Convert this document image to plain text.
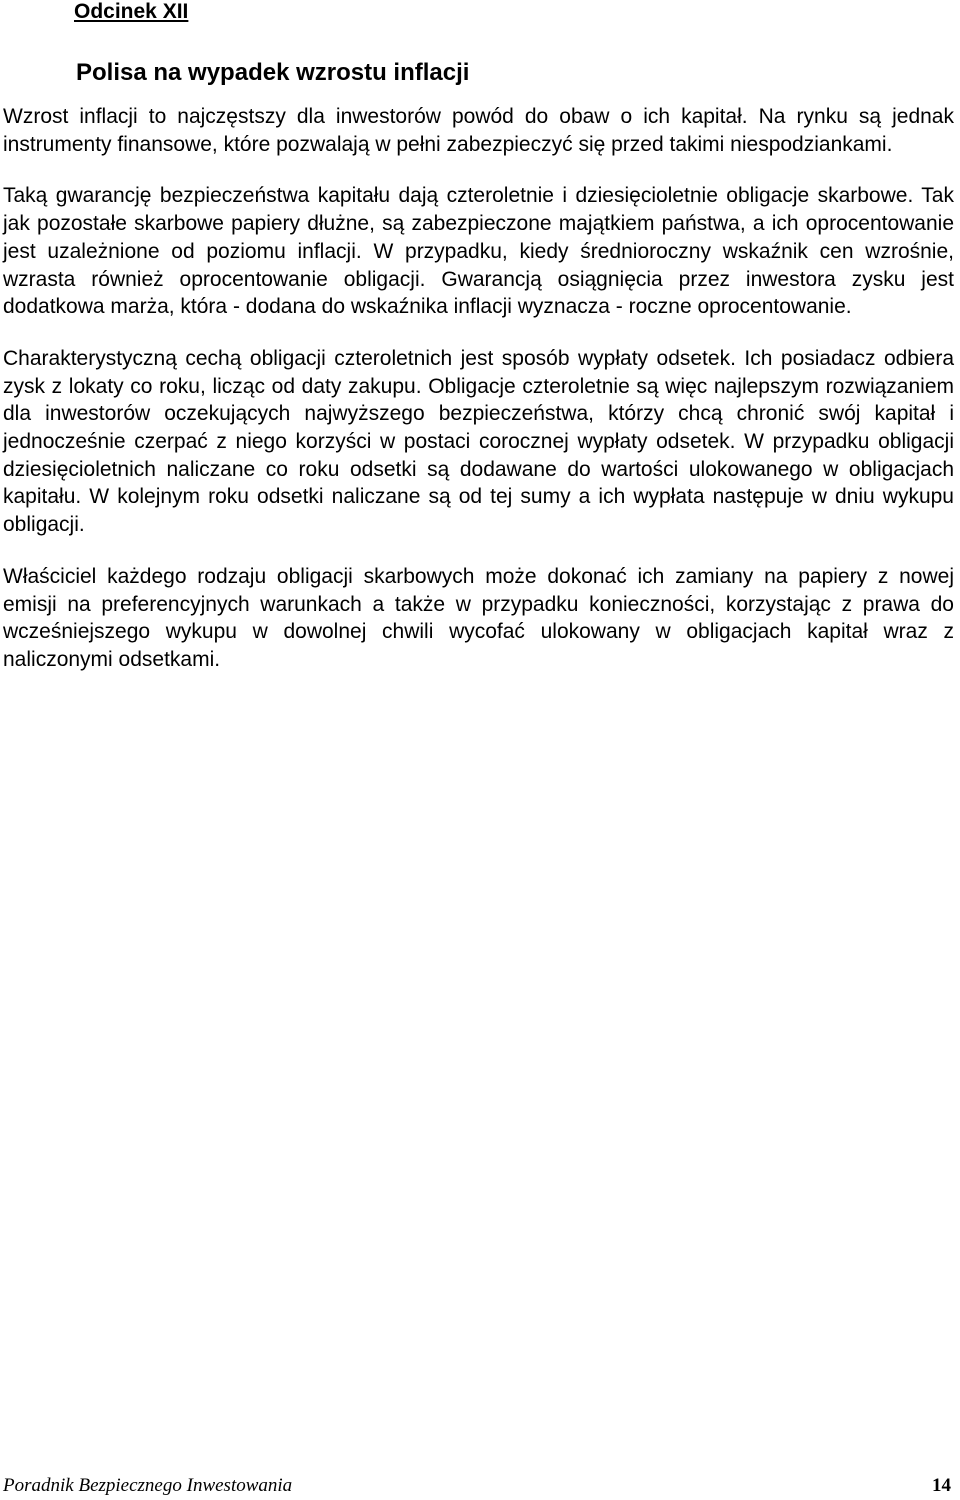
Odcinek XII
Polisa na wypadek wzrostu inflacji

Wzrost inflacji to najczęstszy dla inwestorów powód do obaw o ich kapitał. Na rynku są jednak instrumenty finansowe, które pozwalają w pełni zabezpieczyć się przed takimi niespodziankami.

Taką gwarancję bezpieczeństwa kapitału dają czteroletnie i dziesięcioletnie obligacje skarbowe. Tak jak pozostałe skarbowe papiery dłużne, są zabezpieczone majątkiem państwa, a ich oprocentowanie jest uzależnione od poziomu inflacji. W przypadku, kiedy średnioroczny wskaźnik cen wzrośnie, wzrasta również oprocentowanie obligacji. Gwarancją osiągnięcia przez inwestora zysku jest dodatkowa marża, która - dodana do wskaźnika inflacji wyznacza - roczne oprocentowanie.

Charakterystyczną cechą obligacji czteroletnich jest sposób wypłaty odsetek. Ich posiadacz odbiera zysk z lokaty co roku, licząc od daty zakupu. Obligacje czteroletnie są więc najlepszym rozwiązaniem dla inwestorów oczekujących najwyższego bezpieczeństwa, którzy chcą chronić swój kapitał i jednocześnie czerpać z niego korzyści w postaci corocznej wypłaty odsetek. W przypadku obligacji dziesięcioletnich naliczane co roku odsetki są dodawane do wartości ulokowanego w obligacjach kapitału. W kolejnym roku odsetki naliczane są od tej sumy a ich wypłata następuje w dniu wykupu obligacji.

Właściciel każdego rodzaju obligacji skarbowych może dokonać ich zamiany na papiery z nowej emisji na preferencyjnych warunkach a także w przypadku konieczności, korzystając z prawa do wcześniejszego wykupu w dowolnej chwili wycofać ulokowany w obligacjach kapitał wraz z naliczonymi odsetkami.

Poradnik Bezpiecznego Inwestowania	14
